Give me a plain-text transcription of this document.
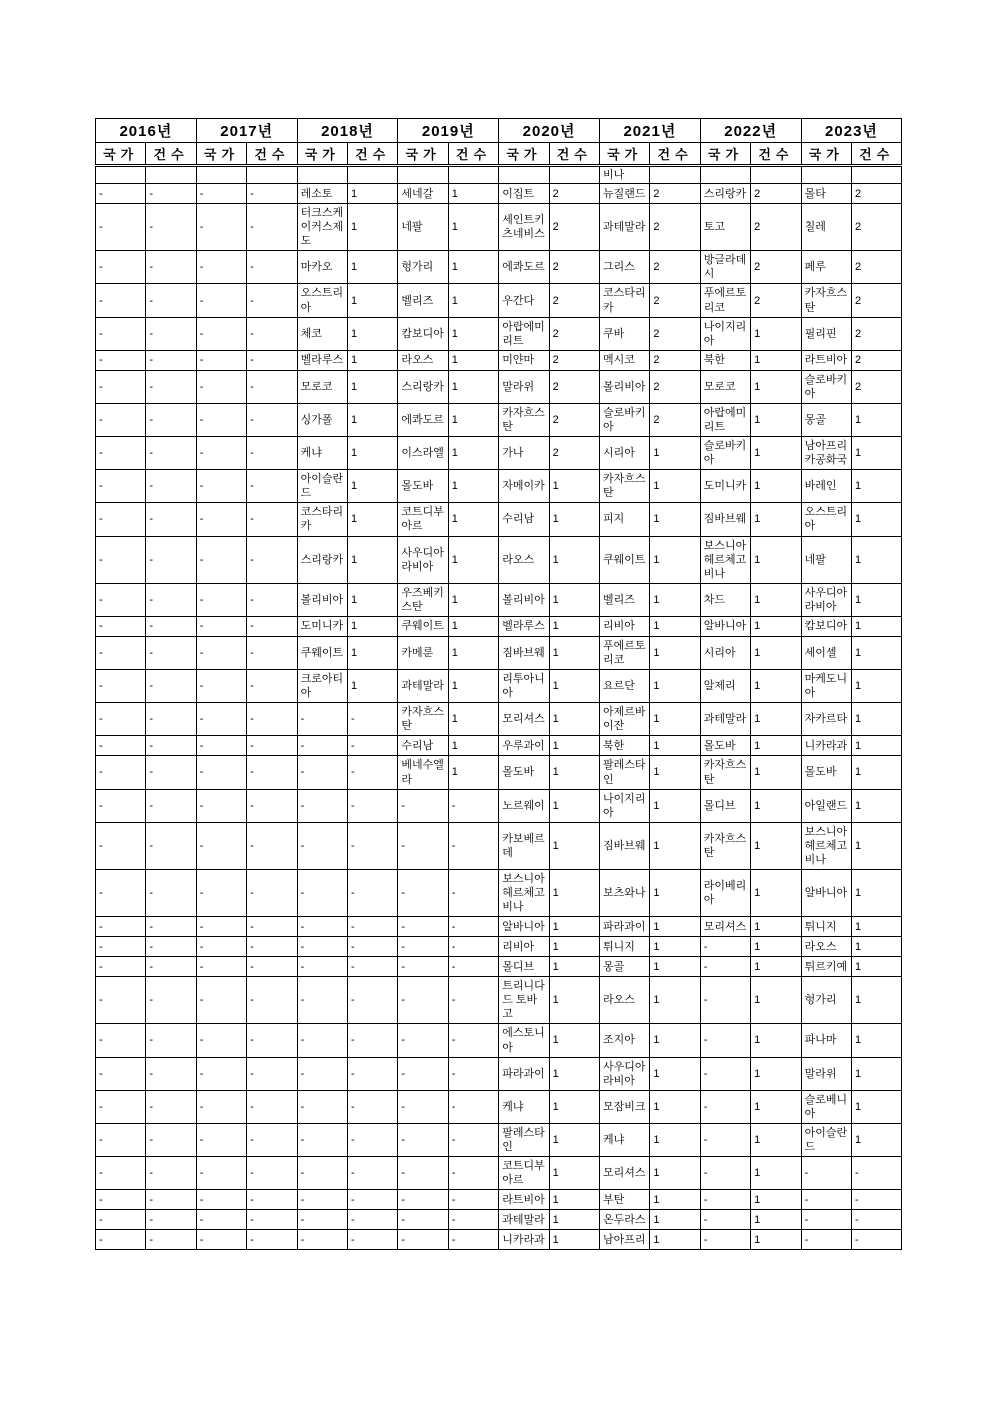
2016년		2017년		2018년		2019년		2020년		2021년		2022년		2023년	
국가	건수	국가	건수	국가	건수	국가	건수	국가	건수	국가	건수	국가	건수	국가	건수
										비나					
-	-	-	-	레소토	1	세네갈	1	이집트	2	뉴질랜드	2	스리랑카	2	몰타	2
-	-	-	-	터크스케이커스제도	1	네팔	1	세인트키츠네비스	2	과테말라	2	토고	2	칠레	2
-	-	-	-	마카오	1	헝가리	1	에콰도르	2	그리스	2	방글라데시	2	페루	2
-	-	-	-	오스트리아	1	벨리즈	1	우간다	2	코스타리카	2	푸에르토리코	2	카자흐스탄	2
-	-	-	-	체코	1	캄보디아	1	아랍에미리트	2	쿠바	2	나이지리아	1	필리핀	2
-	-	-	-	벨라루스	1	라오스	1	미얀마	2	멕시코	2	북한	1	라트비아	2
-	-	-	-	모로코	1	스리랑카	1	말라위	2	볼리비아	2	모로코	1	슬로바키아	2
-	-	-	-	싱가폴	1	에콰도르	1	카자흐스탄	2	슬로바키아	2	아랍에미리트	1	몽골	1
-	-	-	-	케냐	1	이스라엘	1	가나	2	시리아	1	슬로바키아	1	남아프리카공화국	1
-	-	-	-	아이슬란드	1	몰도바	1	자메이카	1	카자흐스탄	1	도미니카	1	바레인	1
-	-	-	-	코스타리카	1	코트디부아르	1	수리남	1	피지	1	짐바브웨	1	오스트리아	1
-	-	-	-	스리랑카	1	사우디아라비아	1	라오스	1	쿠웨이트	1	보스니아헤르체고비나	1	네팔	1
-	-	-	-	볼리비아	1	우즈베키스탄	1	볼리비아	1	벨리즈	1	차드	1	사우디아라비아	1
-	-	-	-	도미니카	1	쿠웨이트	1	벨라루스	1	리비아	1	알바니아	1	캄보디아	1
-	-	-	-	쿠웨이트	1	카메룬	1	짐바브웨	1	푸에르토리코	1	시리아	1	세이셸	1
-	-	-	-	크로아티아	1	과테말라	1	리투아니아	1	요르단	1	알제리	1	마케도니아	1
-	-	-	-	-	-	카자흐스탄	1	모리셔스	1	아제르바이잔	1	과테말라	1	자카르타	1
-	-	-	-	-	-	수리남	1	우루과이	1	북한	1	몰도바	1	니카라과	1
-	-	-	-	-	-	베네수엘라	1	몰도바	1	팔레스타인	1	카자흐스탄	1	몰도바	1
-	-	-	-	-	-	-	-	노르웨이	1	나이지리아	1	몰디브	1	아일랜드	1
-	-	-	-	-	-	-	-	카보베르데	1	짐바브웨	1	카자흐스탄	1	보스니아헤르체고비나	1
-	-	-	-	-	-	-	-	보스니아헤르체고비나	1	보츠와나	1	라이베리아	1	알바니아	1
-	-	-	-	-	-	-	-	알바니아	1	파라과이	1	모리셔스	1	튀니지	1
-	-	-	-	-	-	-	-	리비아	1	튀니지	1	-	1	라오스	1
-	-	-	-	-	-	-	-	몰디브	1	몽골	1	-	1	튀르키예	1
-	-	-	-	-	-	-	-	트리니다드 토바고	1	라오스	1	-	1	헝가리	1
-	-	-	-	-	-	-	-	에스토니아	1	조지아	1	-	1	파나마	1
-	-	-	-	-	-	-	-	파라과이	1	사우디아라비아	1	-	1	말라위	1
-	-	-	-	-	-	-	-	케냐	1	모잠비크	1	-	1	슬로베니아	1
-	-	-	-	-	-	-	-	팔레스타인	1	케냐	1	-	1	아이슬란드	1
-	-	-	-	-	-	-	-	코트디부아르	1	모리셔스	1	-	1	-	-
-	-	-	-	-	-	-	-	라트비아	1	부탄	1	-	1	-	-
-	-	-	-	-	-	-	-	과테말라	1	온두라스	1	-	1	-	-
-	-	-	-	-	-	-	-	니카라과	1	남아프리	1	-	1	-	-
